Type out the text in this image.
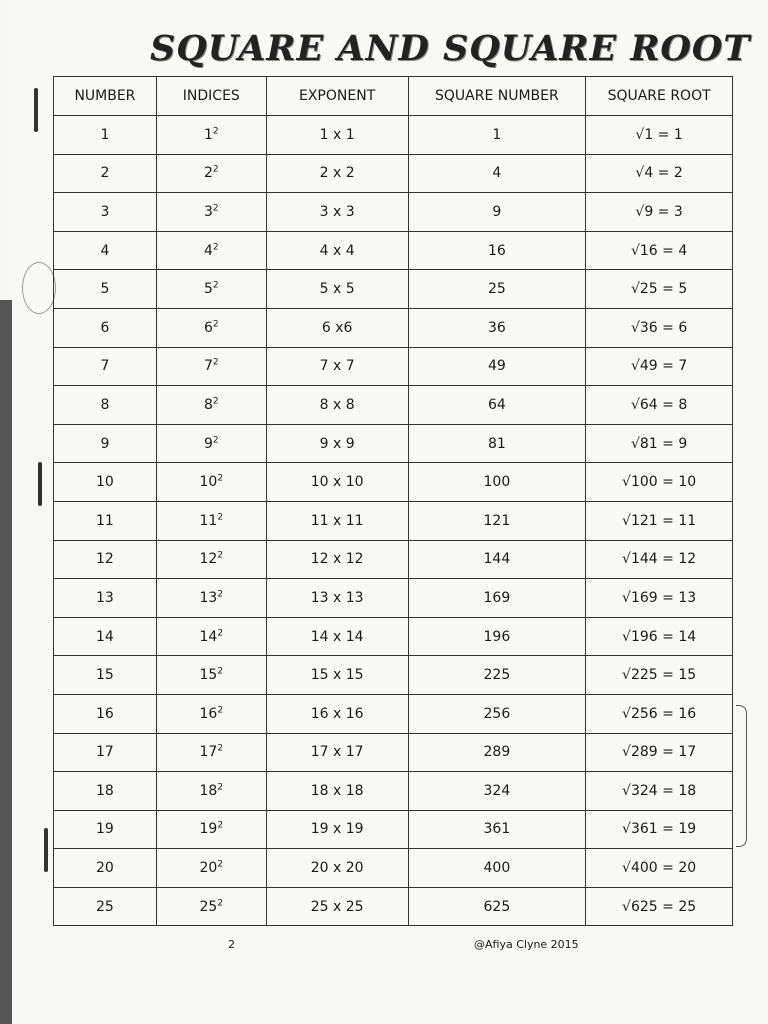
SQUARE AND SQUARE ROOT
NUMBER	INDICES	EXPONENT	SQUARE NUMBER	SQUARE ROOT
1	$1^2$	1 x 1	1	√1 = 1
2	$2^2$	2 x 2	4	√4 = 2
3	$3^2$	3 x 3	9	√9 = 3
4	$4^2$	4 x 4	16	√16 = 4
5	$5^2$	5 x 5	25	√25 = 5
6	$6^2$	6 x6	36	√36 = 6
7	$7^2$	7 x 7	49	√49 = 7
8	$8^2$	8 x 8	64	√64 = 8
9	$9^2$	9 x 9	81	√81 = 9
10	$10^2$	10 x 10	100	√100 = 10
11	$11^2$	11 x 11	121	√121 = 11
12	$12^2$	12 x 12	144	√144 = 12
13	$13^2$	13 x 13	169	√169 = 13
14	$14^2$	14 x 14	196	√196 = 14
15	$15^2$	15 x 15	225	√225 = 15
16	$16^2$	16 x 16	256	√256 = 16
17	$17^2$	17 x 17	289	√289 = 17
18	$18^2$	18 x 18	324	√324 = 18
19	$19^2$	19 x 19	361	√361 = 19
20	$20^2$	20 x 20	400	√400 = 20
25	$25^2$	25 x 25	625	√625 = 25
2	@Afiya Clyne 2015
